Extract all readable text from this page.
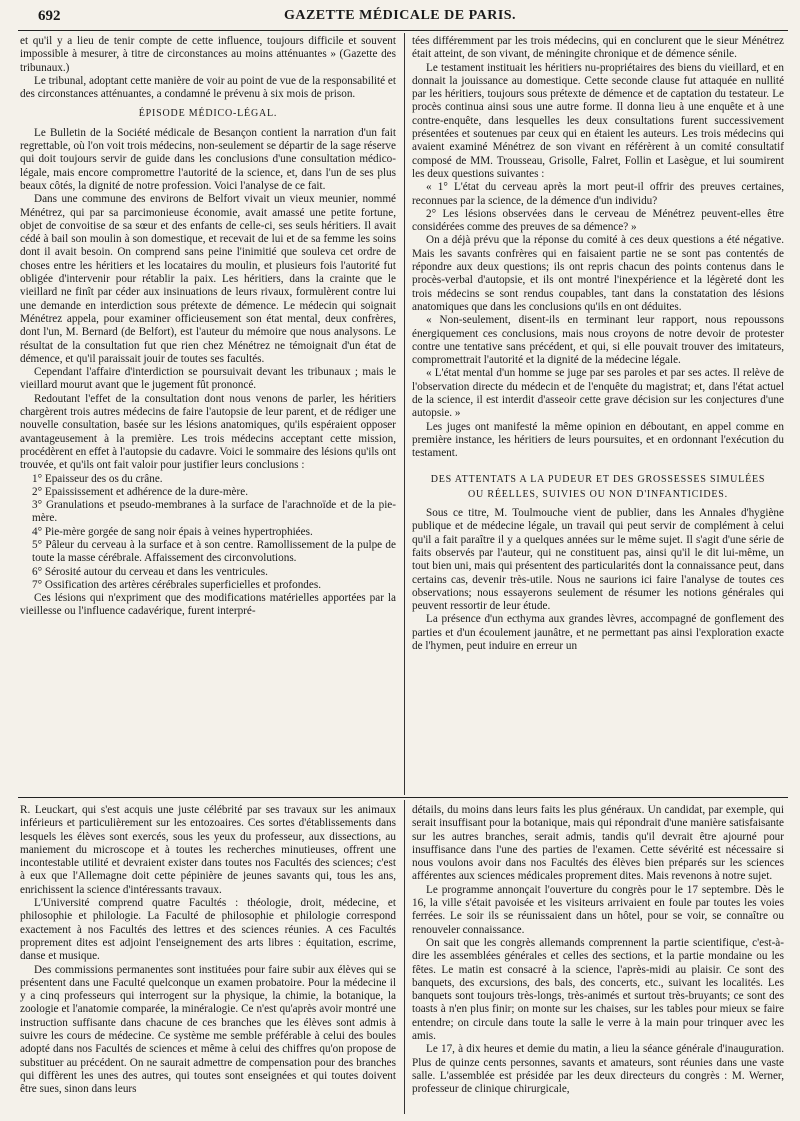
692	GAZETTE MÉDICALE DE PARIS.

et qu'il y a lieu de tenir compte de cette influence, toujours difficile et souvent impossible à mesurer, à titre de circonstances au moins atténuantes » (Gazette des tribunaux.)

Le tribunal, adoptant cette manière de voir au point de vue de la responsabilité et des circonstances atténuantes, a condamné le prévenu à six mois de prison.

ÉPISODE MÉDICO-LÉGAL.

Le Bulletin de la Société médicale de Besançon contient la narration d'un fait regrettable, où l'on voit trois médecins, non-seulement se départir de la sage réserve qui doit toujours servir de guide dans les conclusions d'une consultation médico-légale, mais encore compromettre l'autorité de la science, et, dans l'un de ses plus beaux côtés, la dignité de notre profession. Voici l'analyse de ce fait.

Dans une commune des environs de Belfort vivait un vieux meunier, nommé Ménétrez, qui par sa parcimonieuse économie, avait amassé une petite fortune, objet de convoitise de sa sœur et des enfants de celle-ci, ses seuls héritiers. Il avait cédé à bail son moulin à son domestique, et recevait de lui et de sa femme les soins dont il avait besoin. On comprend sans peine l'inimitié que souleva cet ordre de choses entre les héritiers et les locataires du moulin, et plusieurs fois l'autorité fut obligée d'intervenir pour rétablir la paix. Les héritiers, dans la crainte que le vieillard ne finît par céder aux insinuations de leurs rivaux, formulèrent contre lui une demande en interdiction sous prétexte de démence. Le médecin qui soignait Ménétrez appela, pour examiner officieusement son état mental, deux confrères, dont l'un, M. Bernard (de Belfort), est l'auteur du mémoire que nous analysons. Le résultat de la consultation fut que rien chez Ménétrez ne témoignait d'un état de démence, et qu'il paraissait jouir de toutes ses facultés.

Cependant l'affaire d'interdiction se poursuivait devant les tribunaux ; mais le vieillard mourut avant que le jugement fût prononcé.

Redoutant l'effet de la consultation dont nous venons de parler, les héritiers chargèrent trois autres médecins de faire l'autopsie de leur parent, et de rédiger une nouvelle consultation, basée sur les lésions anatomiques, qu'ils espéraient opposer avantageusement à la première. Les trois médecins acceptant cette mission, procédèrent en effet à l'autopsie du cadavre. Voici le sommaire des lésions qu'ils ont trouvée, et qu'ils ont fait valoir pour justifier leurs conclusions :

1° Epaisseur des os du crâne.

2° Epaississement et adhérence de la dure-mère.

3° Granulations et pseudo-membranes à la surface de l'arachnoïde et de la pie-mère.

4° Pie-mère gorgée de sang noir épais à veines hypertrophiées.

5° Pâleur du cerveau à la surface et à son centre. Ramollissement de la pulpe de toute la masse cérébrale. Affaissement des circonvolutions.

6° Sérosité autour du cerveau et dans les ventricules.

7° Ossification des artères cérébrales superficielles et profondes.

Ces lésions qui n'expriment que des modifications matérielles apportées par la vieillesse ou l'influence cadavérique, furent interpré-

tées différemment par les trois médecins, qui en conclurent que le sieur Ménétrez était atteint, de son vivant, de méningite chronique et de démence sénile.

Le testament instituait les héritiers nu-propriétaires des biens du vieillard, et en donnait la jouissance au domestique. Cette seconde clause fut attaquée en nullité par les héritiers, toujours sous prétexte de démence et de captation du testateur. Le procès continua ainsi sous une autre forme. Il donna lieu à une enquête et à une contre-enquête, dans lesquelles les deux consultations furent successivement présentées et soutenues par ceux qui en étaient les auteurs. Les trois médecins qui avaient examiné Ménétrez de son vivant en référèrent à un comité consultatif composé de MM. Trousseau, Grisolle, Falret, Follin et Lasègue, et lui soumirent les deux questions suivantes :

« 1° L'état du cerveau après la mort peut-il offrir des preuves certaines, reconnues par la science, de la démence d'un individu?

2° Les lésions observées dans le cerveau de Ménétrez peuvent-elles être considérées comme des preuves de sa démence? »

On a déjà prévu que la réponse du comité à ces deux questions a été négative. Mais les savants confrères qui en faisaient partie ne se sont pas contentés de répondre aux deux questions; ils ont repris chacun des points contenus dans le procès-verbal d'autopsie, et ils ont montré l'inexpérience et la légèreté dont les trois médecins se sont rendus coupables, tant dans la constatation des lésions anatomiques que dans les conclusions qu'ils en ont déduites.

« Non-seulement, disent-ils en terminant leur rapport, nous repoussons énergiquement ces conclusions, mais nous croyons de notre devoir de protester contre une tentative sans précédent, et qui, si elle pouvait trouver des imitateurs, compromettrait l'autorité et la dignité de la médecine légale.

« L'état mental d'un homme se juge par ses paroles et par ses actes. Il relève de l'observation directe du médecin et de l'enquête du magistrat; et, dans l'état actuel de la science, il est interdit d'asseoir cette grave décision sur les conjectures d'une autopsie. »

Les juges ont manifesté la même opinion en déboutant, en appel comme en première instance, les héritiers de leurs poursuites, et en ordonnant l'exécution du testament.

DES ATTENTATS A LA PUDEUR ET DES GROSSESSES SIMULÉES
OU RÉELLES, SUIVIES OU NON D'INFANTICIDES.

Sous ce titre, M. Toulmouche vient de publier, dans les Annales d'hygiène publique et de médecine légale, un travail qui peut servir de complément à celui qu'il a fait paraître il y a quelques années sur le même sujet. Il s'agit d'une série de faits observés par l'auteur, qui ne constituent pas, ainsi qu'il le dit lui-même, un tout bien uni, mais qui présentent des particularités dont la connaissance peut, dans certains cas, devenir très-utile. Nous ne saurions ici faire l'analyse de toutes ces observations; nous essayerons seulement de résumer les notions générales qui peuvent ressortir de leur étude.

La présence d'un ecthyma aux grandes lèvres, accompagné de gonflement des parties et d'un écoulement jaunâtre, et ne permettant pas ainsi l'exploration exacte de l'hymen, peut induire en erreur un

R. Leuckart, qui s'est acquis une juste célébrité par ses travaux sur les animaux inférieurs et particulièrement sur les entozoaires. Ces sortes d'établissements dans lesquels les élèves sont exercés, sous les yeux du professeur, aux dissections, au maniement du microscope et à toutes les recherches minutieuses, offrent une incontestable utilité et devraient exister dans toutes nos Facultés des sciences; c'est à eux que l'Allemagne doit cette pépinière de jeunes savants qui, tous les ans, enrichissent la science d'intéressants travaux.

L'Université comprend quatre Facultés : théologie, droit, médecine, et philosophie et philologie. La Faculté de philosophie et philologie correspond exactement à nos Facultés des lettres et des sciences réunies. A ces Facultés proprement dites est adjoint l'enseignement des arts libres : équitation, escrime, danse et musique.

Des commissions permanentes sont instituées pour faire subir aux élèves qui se présentent dans une Faculté quelconque un examen probatoire. Pour la médecine il y a cinq professeurs qui interrogent sur la physique, la chimie, la botanique, la zoologie et l'anatomie comparée, la minéralogie. Ce n'est qu'après avoir montré une instruction suffisante dans chacune de ces branches que les élèves sont admis à suivre les cours de médecine. Ce système me semble préférable à celui des boules adopté dans nos Facultés de sciences et même à celui des chiffres qu'on propose de substituer au précédent. On ne saurait admettre de compensation pour des branches qui diffèrent les unes des autres, qui toutes sont enseignées et qui toutes doivent être sues, sinon dans leurs

détails, du moins dans leurs faits les plus généraux. Un candidat, par exemple, qui serait insuffisant pour la botanique, mais qui répondrait d'une manière satisfaisante sur les autres branches, serait admis, tandis qu'il devrait être ajourné pour insuffisance dans l'une des parties de l'examen. Cette sévérité est nécessaire si nous voulons avoir dans nos Facultés des élèves bien préparés sur les sciences afférentes aux sciences médicales proprement dites. Mais revenons à notre sujet.

Le programme annonçait l'ouverture du congrès pour le 17 septembre. Dès le 16, la ville s'était pavoisée et les visiteurs arrivaient en foule par toutes les voies ferrées. Le soir ils se réunissaient dans un hôtel, pour se voir, se connaître ou renouveler connaissance.

On sait que les congrès allemands comprennent la partie scientifique, c'est-à-dire les assemblées générales et celles des sections, et la partie mondaine ou les fêtes. Le matin est consacré à la science, l'après-midi au plaisir. Ce sont des banquets, des excursions, des bals, des concerts, etc., suivant les localités. Les banquets sont toujours très-longs, très-animés et surtout très-bruyants; ce sont des toasts à n'en plus finir; on monte sur les chaises, sur les tables pour mieux se faire entendre; on circule dans toute la salle le verre à la main pour trinquer avec les amis.

Le 17, à dix heures et demie du matin, a lieu la séance générale d'inauguration. Plus de quinze cents personnes, savants et amateurs, sont réunies dans une vaste salle. L'assemblée est présidée par les deux directeurs du congrès : M. Werner, professeur de clinique chirurgicale,
